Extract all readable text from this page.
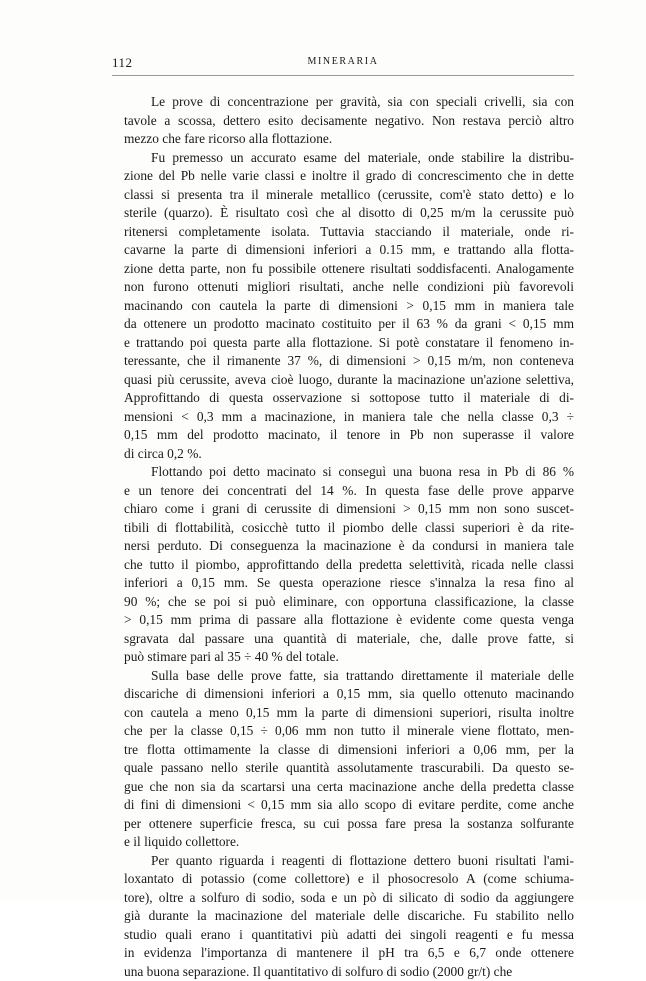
112	MINERARIA
Le prove di concentrazione per gravità, sia con speciali crivelli, sia con
tavole a scossa, dettero esito decisamente negativo. Non restava perciò altro
mezzo che fare ricorso alla flottazione.
Fu premesso un accurato esame del materiale, onde stabilire la distribu-
zione del Pb nelle varie classi e inoltre il grado di concrescimento che in dette
classi si presenta tra il minerale metallico (cerussite, com'è stato detto) e lo
sterile (quarzo). È risultato così che al disotto di 0,25 m/m la cerussite può
ritenersi completamente isolata. Tuttavia stacciando il materiale, onde ri-
cavarne la parte di dimensioni inferiori a 0.15 mm, e trattando alla flotta-
zione detta parte, non fu possibile ottenere risultati soddisfacenti. Analogamente
non furono ottenuti migliori risultati, anche nelle condizioni più favorevoli
macinando con cautela la parte di dimensioni > 0,15 mm in maniera tale
da ottenere un prodotto macinato costituito per il 63 % da grani < 0,15 mm
e trattando poi questa parte alla flottazione. Si potè constatare il fenomeno in-
teressante, che il rimanente 37 %, di dimensioni > 0,15 m/m, non conteneva
quasi più cerussite, aveva cioè luogo, durante la macinazione un'azione selettiva,
Approfittando di questa osservazione si sottopose tutto il materiale di di-
mensioni < 0,3 mm a macinazione, in maniera tale che nella classe 0,3 ÷
0,15 mm del prodotto macinato, il tenore in Pb non superasse il valore
di circa 0,2 %.
Flottando poi detto macinato si conseguì una buona resa in Pb di 86 %
e un tenore dei concentrati del 14 %. In questa fase delle prove apparve
chiaro come i grani di cerussite di dimensioni > 0,15 mm non sono suscet-
tibili di flottabilità, cosicchè tutto il piombo delle classi superiori è da rite-
nersi perduto. Di conseguenza la macinazione è da condursi in maniera tale
che tutto il piombo, approfittando della predetta selettività, ricada nelle classi
inferiori a 0,15 mm. Se questa operazione riesce s'innalza la resa fino al
90 %; che se poi si può eliminare, con opportuna classificazione, la classe
> 0,15 mm prima di passare alla flottazione è evidente come questa venga
sgravata dal passare una quantità di materiale, che, dalle prove fatte, si
può stimare pari al 35 ÷ 40 % del totale.
Sulla base delle prove fatte, sia trattando direttamente il materiale delle
discariche di dimensioni inferiori a 0,15 mm, sia quello ottenuto macinando
con cautela a meno 0,15 mm la parte di dimensioni superiori, risulta inoltre
che per la classe 0,15 ÷ 0,06 mm non tutto il minerale viene flottato, men-
tre flotta ottimamente la classe di dimensioni inferiori a 0,06 mm, per la
quale passano nello sterile quantità assolutamente trascurabili. Da questo se-
gue che non sia da scartarsi una certa macinazione anche della predetta classe
di fini di dimensioni < 0,15 mm sia allo scopo di evitare perdite, come anche
per ottenere superficie fresca, su cui possa fare presa la sostanza solfurante
e il liquido collettore.
Per quanto riguarda i reagenti di flottazione dettero buoni risultati l'ami-
loxantato di potassio (come collettore) e il phosocresolo A (come schiuma-
tore), oltre a solfuro di sodio, soda e un pò di silicato di sodio da aggiungere
già durante la macinazione del materiale delle discariche. Fu stabilito nello
studio quali erano i quantitativi più adatti dei singoli reagenti e fu messa
in evidenza l'importanza di mantenere il pH tra 6,5 e 6,7 onde ottenere
una buona separazione. Il quantitativo di solfuro di sodio (2000 gr/t) che
